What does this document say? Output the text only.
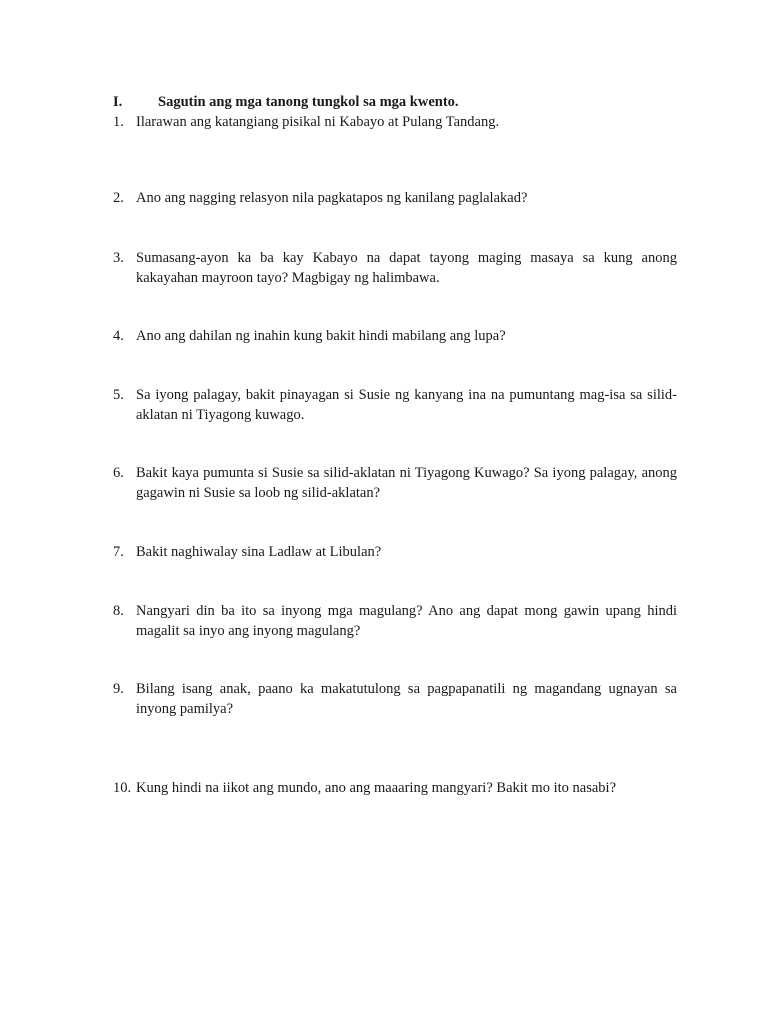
I. Sagutin ang mga tanong tungkol sa mga kwento.
1. Ilarawan ang katangiang pisikal ni Kabayo at Pulang Tandang.
2. Ano ang nagging relasyon nila pagkatapos ng kanilang paglalakad?
3. Sumasang-ayon ka ba kay Kabayo na dapat tayong maging masaya sa kung anong kakayahan mayroon tayo? Magbigay ng halimbawa.
4. Ano ang dahilan ng inahin kung bakit hindi mabilang ang lupa?
5. Sa iyong palagay, bakit pinayagan si Susie ng kanyang ina na pumuntang mag-isa sa silid-aklatan ni Tiyagong kuwago.
6. Bakit kaya pumunta si Susie sa silid-aklatan ni Tiyagong Kuwago? Sa iyong palagay, anong gagawin ni Susie sa loob ng silid-aklatan?
7. Bakit naghiwalay sina Ladlaw at Libulan?
8. Nangyari din ba ito sa inyong mga magulang? Ano ang dapat mong gawin upang hindi magalit sa inyo ang inyong magulang?
9. Bilang isang anak, paano ka makatutulong sa pagpapanatili ng magandang ugnayan sa inyong pamilya?
10. Kung hindi na iikot ang mundo, ano ang maaaring mangyari? Bakit mo ito nasabi?
